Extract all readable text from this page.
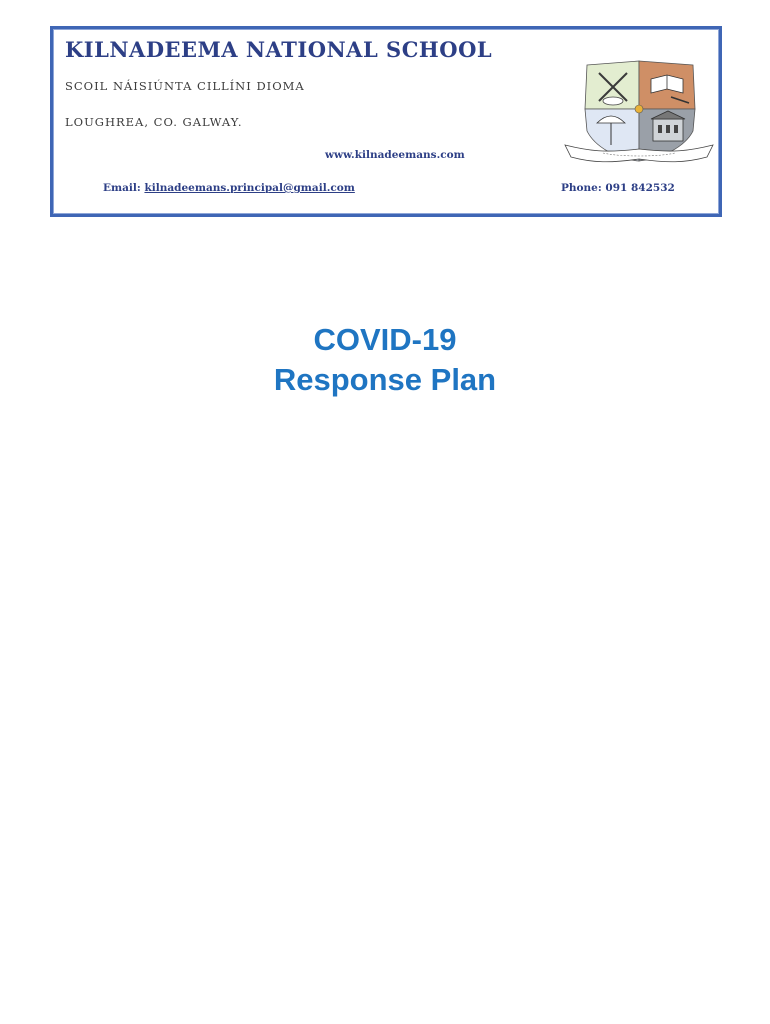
KILNADEEMA NATIONAL SCHOOL
SCOIL NÁISIÚNTA CILLÍNI DIOMA
LOUGHREA, CO. GALWAY.
www.kilnadeemans.com
Email: kilnadeemans.principal@gmail.com	Phone: 091 842532
COVID-19
Response Plan
